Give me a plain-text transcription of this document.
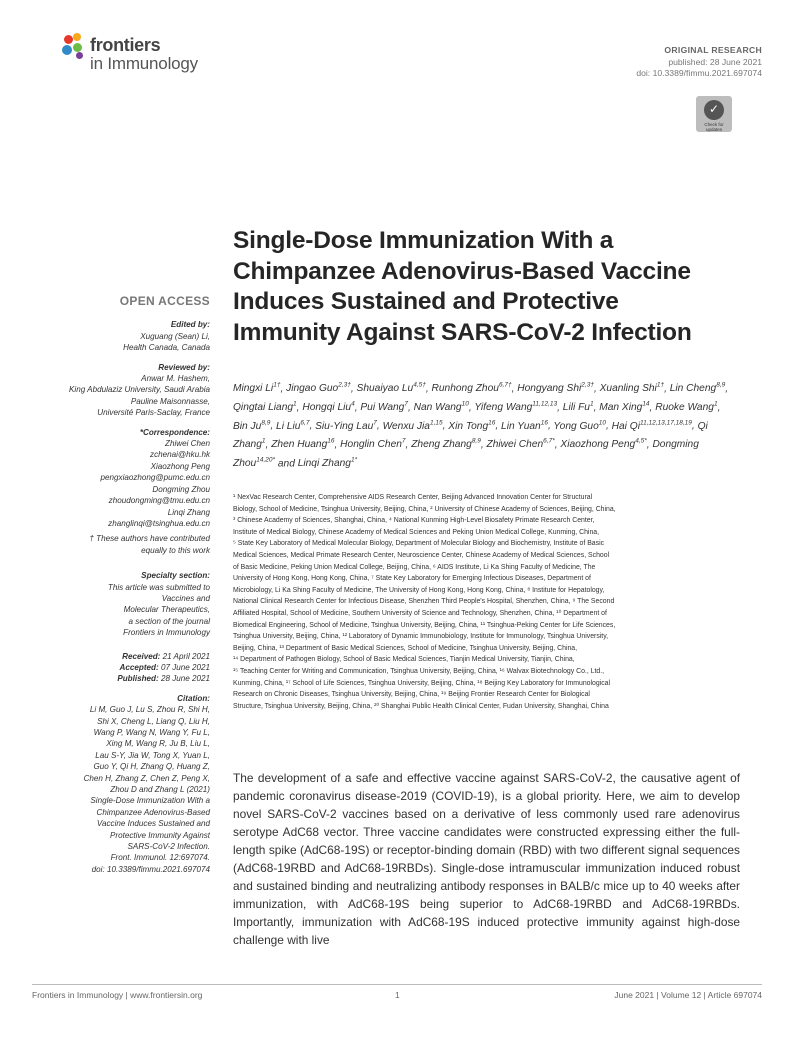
frontiers
in Immunology
ORIGINAL RESEARCH
published: 28 June 2021
doi: 10.3389/fimmu.2021.697074
✓
Check for updates
Single-Dose Immunization With a Chimpanzee Adenovirus-Based Vaccine Induces Sustained and Protective Immunity Against SARS-CoV-2 Infection
OPEN ACCESS
Edited by:
Xuguang (Sean) Li,
Health Canada, Canada
Reviewed by:
Anwar M. Hashem,
King Abdulaziz University, Saudi Arabia
Pauline Maisonnasse,
Université Paris-Saclay, France
*Correspondence:
Zhiwei Chen
zchenai@hku.hk
Xiaozhong Peng
pengxiaozhong@pumc.edu.cn
Dongming Zhou
zhoudongming@tmu.edu.cn
Linqi Zhang
zhanglinqi@tsinghua.edu.cn
† These authors have contributed
equally to this work
Specialty section:
This article was submitted to
Vaccines and
Molecular Therapeutics,
a section of the journal
Frontiers in Immunology
Received: 21 April 2021
Accepted: 07 June 2021
Published: 28 June 2021
Citation:
Li M, Guo J, Lu S, Zhou R, Shi H,
Shi X, Cheng L, Liang Q, Liu H,
Wang P, Wang N, Wang Y, Fu L,
Xing M, Wang R, Ju B, Liu L,
Lau S-Y, Jia W, Tong X, Yuan L,
Guo Y, Qi H, Zhang Q, Huang Z,
Chen H, Zhang Z, Chen Z, Peng X,
Zhou D and Zhang L (2021)
Single-Dose Immunization With a
Chimpanzee Adenovirus-Based
Vaccine Induces Sustained and
Protective Immunity Against
SARS-CoV-2 Infection.
Front. Immunol. 12:697074.
doi: 10.3389/fimmu.2021.697074
Mingxi $Li^{1\dagger}$, Jingao Guo$^{2,3\dagger}$, Shuaiyao $Lu^{4,5\dagger}$, Runhong Zhou$^{6,7\dagger}$, Hongyang Shi$^{2,3\dagger}$, Xuanling Shi$^{1\dagger}$, Lin Cheng$^{8,9}$, Qingtai Liang$^1$, Hongqi Liu$^4$, Pui Wang$^7$, Nan Wang$^{10}$, Yifeng Wang$^{11,12,13}$, Lili Fu$^1$, Man Xing$^{14}$, Ruoke Wang$^1$, Bin Ju$^{8,9}$, Li Liu$^{6,7}$, Siu-Ying Lau$^7$, Wenxu Jia$^{1,15}$, Xin Tong$^{16}$, Lin Yuan$^{16}$, Yong Guo$^{10}$, Hai Qi$^{11,12,13,17,18,19}$, Qi Zhang$^1$, Zhen Huang$^{16}$, Honglin Chen$^7$, Zheng Zhang$^{8,9}$, Zhiwei Chen$^{6,7*}$, Xiaozhong Peng$^{4,5*}$, Dongming Zhou$^{14,20*}$ and Linqi Zhang$^{1*}$

¹ NexVac Research Center, Comprehensive AIDS Research Center, Beijing Advanced Innovation Center for Structural

Biology, School of Medicine, Tsinghua University, Beijing, China, ² University of Chinese Academy of Sciences, Beijing, China,

³ Chinese Academy of Sciences, Shanghai, China, ⁴ National Kunming High-Level Biosafety Primate Research Center,

Institute of Medical Biology, Chinese Academy of Medical Sciences and Peking Union Medical College, Kunming, China,

⁵ State Key Laboratory of Medical Molecular Biology, Department of Molecular Biology and Biochemistry, Institute of Basic

Medical Sciences, Medical Primate Research Center, Neuroscience Center, Chinese Academy of Medical Sciences, School

of Basic Medicine, Peking Union Medical College, Beijing, China, ⁶ AIDS Institute, Li Ka Shing Faculty of Medicine, The

University of Hong Kong, Hong Kong, China, ⁷ State Key Laboratory for Emerging Infectious Diseases, Department of

Microbiology, Li Ka Shing Faculty of Medicine, The University of Hong Kong, Hong Kong, China, ⁸ Institute for Hepatology,

National Clinical Research Center for Infectious Disease, Shenzhen Third People's Hospital, Shenzhen, China, ⁹ The Second

Affiliated Hospital, School of Medicine, Southern University of Science and Technology, Shenzhen, China, ¹⁰ Department of

Biomedical Engineering, School of Medicine, Tsinghua University, Beijing, China, ¹¹ Tsinghua-Peking Center for Life Sciences,

Tsinghua University, Beijing, China, ¹² Laboratory of Dynamic Immunobiology, Institute for Immunology, Tsinghua University,

Beijing, China, ¹³ Department of Basic Medical Sciences, School of Medicine, Tsinghua University, Beijing, China,

¹⁴ Department of Pathogen Biology, School of Basic Medical Sciences, Tianjin Medical University, Tianjin, China,

¹⁵ Teaching Center for Writing and Communication, Tsinghua University, Beijing, China, ¹⁶ Walvax Biotechnology Co., Ltd.,

Kunming, China, ¹⁷ School of Life Sciences, Tsinghua University, Beijing, China, ¹⁸ Beijing Key Laboratory for Immunological

Research on Chronic Diseases, Tsinghua University, Beijing, China, ¹⁹ Beijing Frontier Research Center for Biological

Structure, Tsinghua University, Beijing, China, ²⁰ Shanghai Public Health Clinical Center, Fudan University, Shanghai, China

The development of a safe and effective vaccine against SARS-CoV-2, the causative agent of pandemic coronavirus disease-2019 (COVID-19), is a global priority. Here, we aim to develop novel SARS-CoV-2 vaccines based on a derivative of less commonly used rare adenovirus serotype AdC68 vector. Three vaccine candidates were constructed expressing either the full-length spike (AdC68-19S) or receptor-binding domain (RBD) with two different signal sequences (AdC68-19RBD and AdC68-19RBDs). Single-dose intramuscular immunization induced robust and sustained binding and neutralizing antibody responses in BALB/c mice up to 40 weeks after immunization, with AdC68-19S being superior to AdC68-19RBD and AdC68-19RBDs. Importantly, immunization with AdC68-19S induced protective immunity against high-dose challenge with live
Frontiers in Immunology | www.frontiersin.org	1	June 2021 | Volume 12 | Article 697074
